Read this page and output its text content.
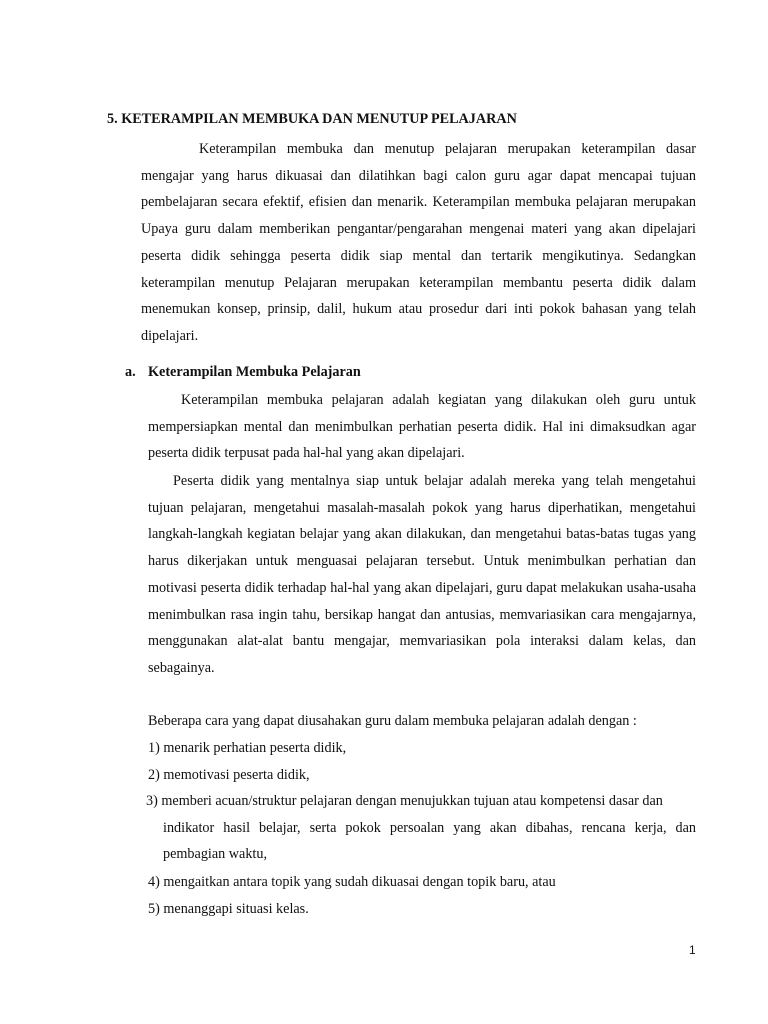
5. KETERAMPILAN MEMBUKA DAN MENUTUP PELAJARAN

Keterampilan membuka dan menutup pelajaran merupakan keterampilan dasar mengajar yang harus dikuasai dan dilatihkan bagi calon guru agar dapat mencapai tujuan pembelajaran secara efektif, efisien dan menarik. Keterampilan membuka pelajaran merupakan Upaya guru dalam memberikan pengantar/pengarahan mengenai materi yang akan dipelajari peserta didik sehingga peserta didik siap mental dan tertarik mengikutinya. Sedangkan keterampilan menutup Pelajaran merupakan keterampilan membantu peserta didik dalam menemukan konsep, prinsip, dalil, hukum atau prosedur dari inti pokok bahasan yang telah dipelajari.

a. Keterampilan Membuka Pelajaran

Keterampilan membuka pelajaran adalah kegiatan yang dilakukan oleh guru untuk mempersiapkan mental dan menimbulkan perhatian peserta didik. Hal ini dimaksudkan agar peserta didik terpusat pada hal-hal yang akan dipelajari.

Peserta didik yang mentalnya siap untuk belajar adalah mereka yang telah mengetahui tujuan pelajaran, mengetahui masalah-masalah pokok yang harus diperhatikan, mengetahui langkah-langkah kegiatan belajar yang akan dilakukan, dan mengetahui batas-batas tugas yang harus dikerjakan untuk menguasai pelajaran tersebut. Untuk menimbulkan perhatian dan motivasi peserta didik terhadap hal-hal yang akan dipelajari, guru dapat melakukan usaha-usaha menimbulkan rasa ingin tahu, bersikap hangat dan antusias, memvariasikan cara mengajarnya, menggunakan alat-alat bantu mengajar, memvariasikan pola interaksi dalam kelas, dan sebagainya.

Beberapa cara yang dapat diusahakan guru dalam membuka pelajaran adalah dengan :

1) menarik perhatian peserta didik,

2) memotivasi peserta didik,

3) memberi acuan/struktur pelajaran dengan menujukkan tujuan atau kompetensi dasar dan

indikator hasil belajar, serta pokok persoalan yang akan dibahas, rencana kerja, dan pembagian waktu,

4) mengaitkan antara topik yang sudah dikuasai dengan topik baru, atau

5) menanggapi situasi kelas.

1
